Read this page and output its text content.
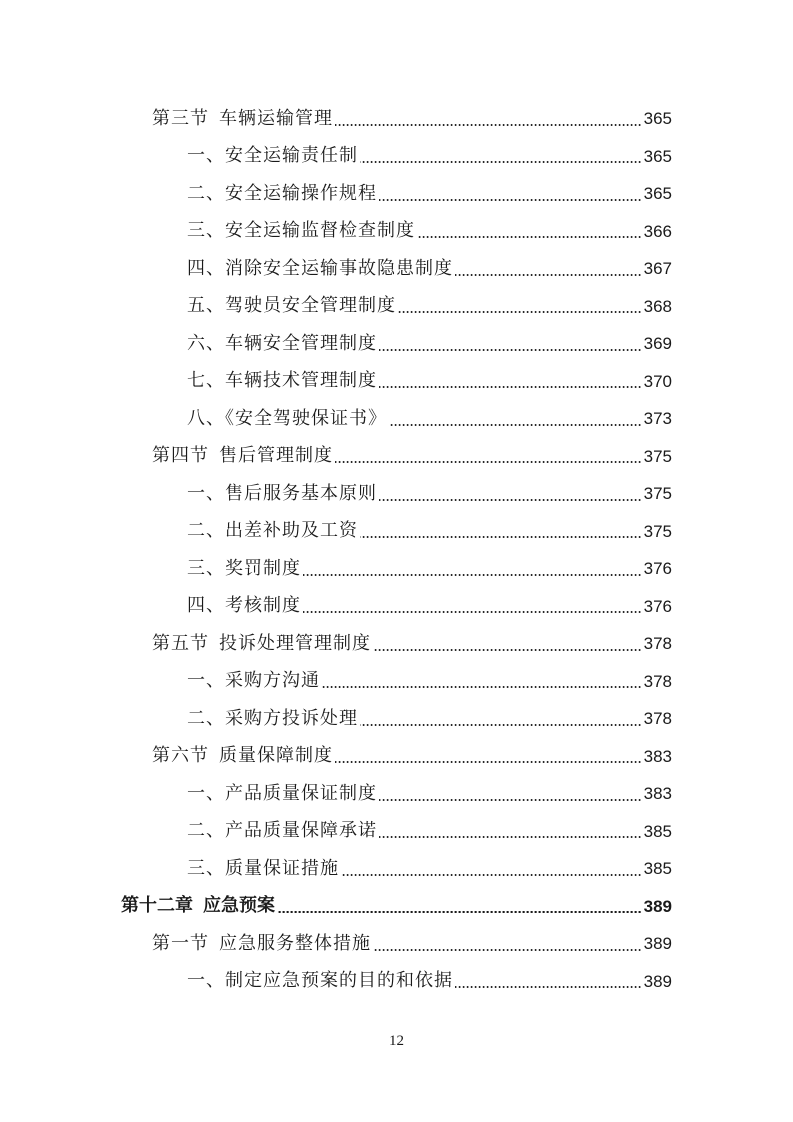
第三节 车辆运输管理	365
一、安全运输责任制	365
二、安全运输操作规程	365
三、安全运输监督检查制度	366
四、消除安全运输事故隐患制度	367
五、驾驶员安全管理制度	368
六、车辆安全管理制度	369
七、车辆技术管理制度	370
八、《安全驾驶保证书》	373
第四节 售后管理制度	375
一、售后服务基本原则	375
二、出差补助及工资	375
三、奖罚制度	376
四、考核制度	376
第五节 投诉处理管理制度	378
一、采购方沟通	378
二、采购方投诉处理	378
第六节 质量保障制度	383
一、产品质量保证制度	383
二、产品质量保障承诺	385
三、质量保证措施	385
第十二章 应急预案	389
第一节 应急服务整体措施	389
一、制定应急预案的目的和依据	389
12
